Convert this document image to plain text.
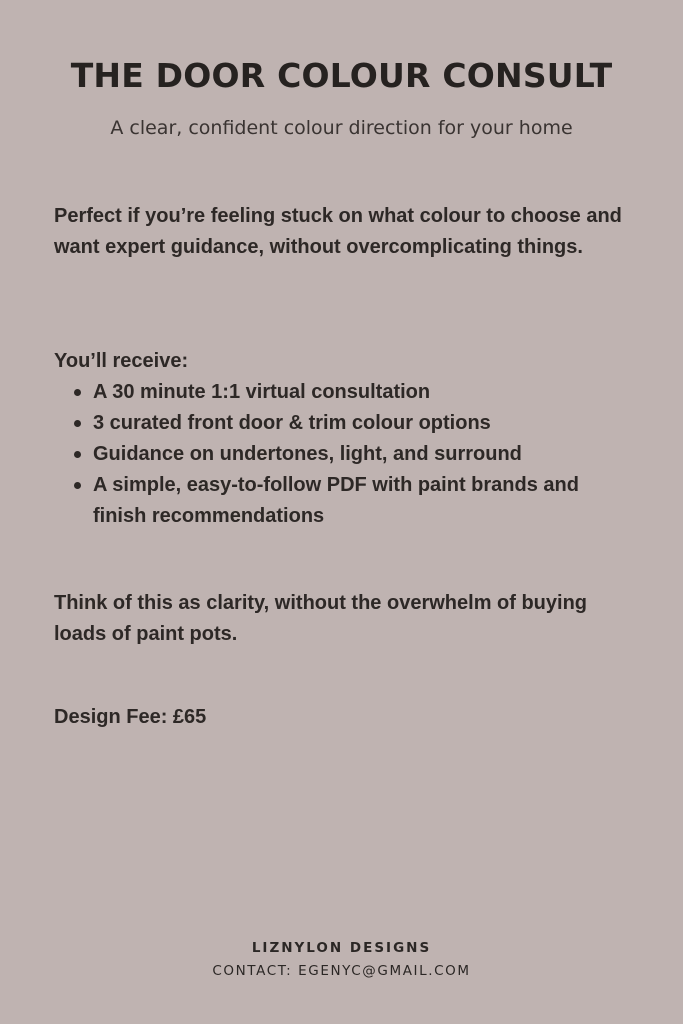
THE DOOR COLOUR CONSULT
A clear, confident colour direction for your home
Perfect if you’re feeling stuck on what colour to choose and want expert guidance, without overcomplicating things.
You’ll receive:
A 30 minute 1:1 virtual consultation
3 curated front door & trim colour options
Guidance on undertones, light, and surround
A simple, easy-to-follow PDF with paint brands and finish recommendations
Think of this as clarity, without the overwhelm of buying loads of paint pots.
Design Fee: £65
LIZNYLON DESIGNS
CONTACT: EGENYC@GMAIL.COM
